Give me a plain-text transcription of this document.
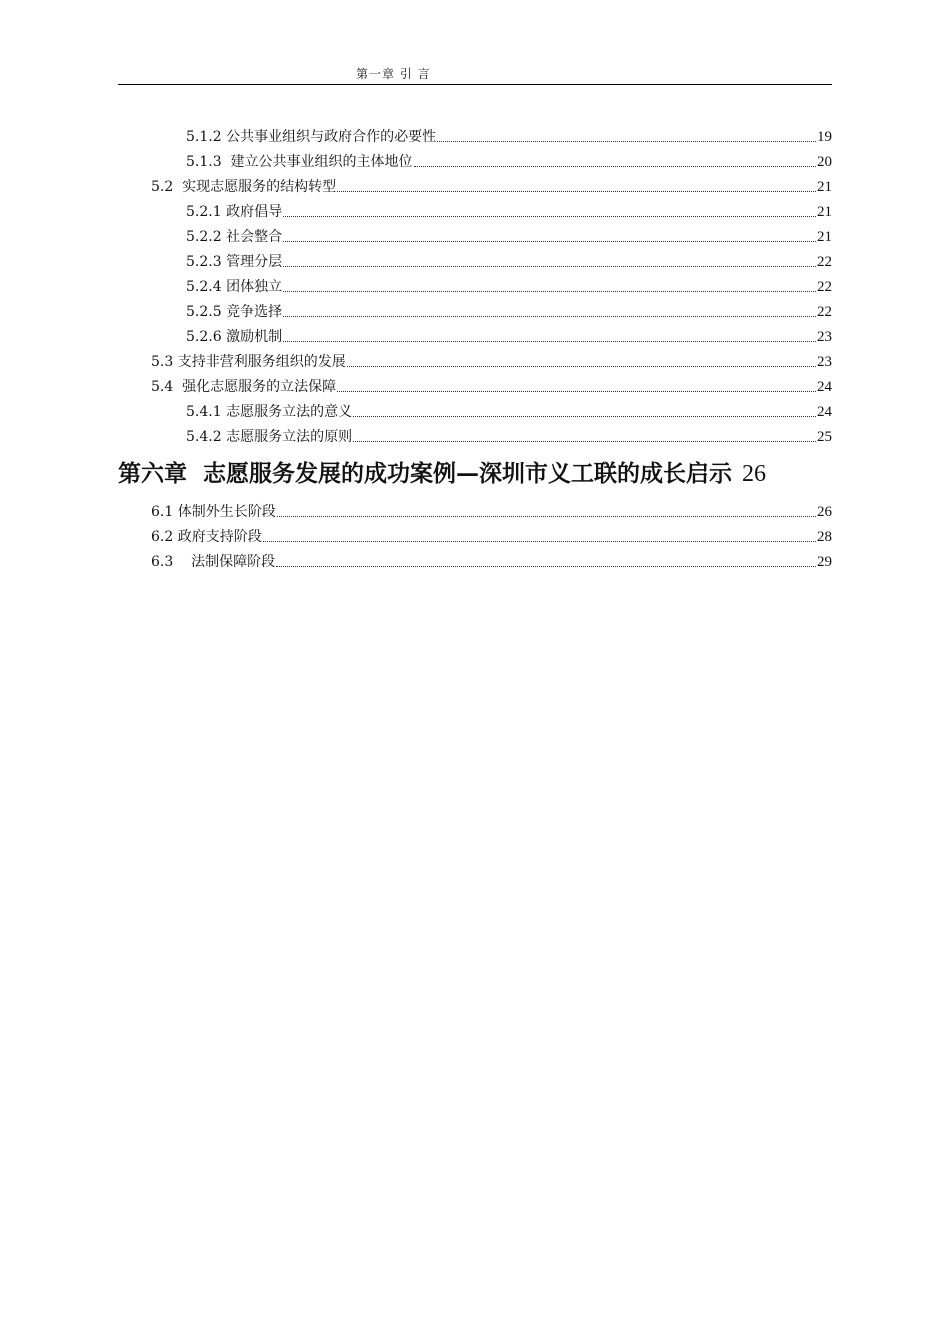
第一章 引 言
5.1.2 公共事业组织与政府合作的必要性	19
5.1.3  建立公共事业组织的主体地位	20
5.2  实现志愿服务的结构转型	21
5.2.1 政府倡导	21
5.2.2 社会整合	21
5.2.3 管理分层	22
5.2.4 团体独立	22
5.2.5 竞争选择	22
5.2.6 激励机制	23
5.3 支持非营利服务组织的发展	23
5.4  强化志愿服务的立法保障	24
5.4.1 志愿服务立法的意义	24
5.4.2 志愿服务立法的原则	25
第六章  志愿服务发展的成功案例—深圳市义工联的成长启示 26
6.1 体制外生长阶段	26
6.2 政府支持阶段	28
6.3    法制保障阶段	29
